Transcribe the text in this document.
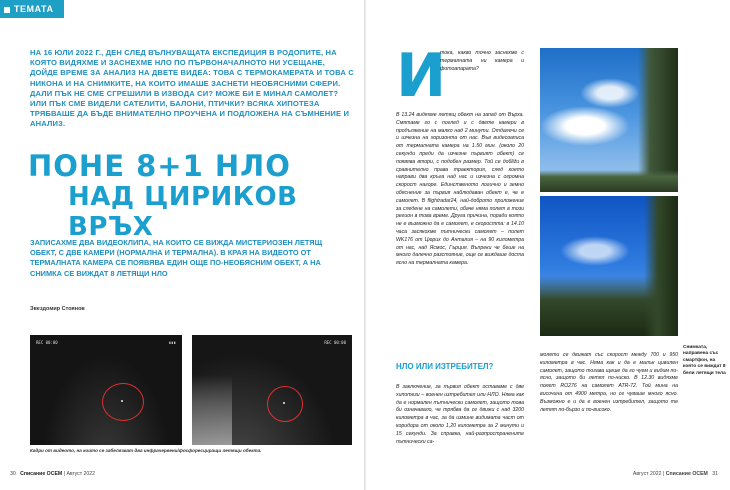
ТЕМАТА
НА 16 ЮЛИ 2022 Г., ДЕН СЛЕД ВЪЛНУВАЩАТА ЕКСПЕДИЦИЯ В РОДОПИТЕ, НА КОЯТО ВИДЯХМЕ И ЗАСНЕХМЕ НЛО ПО ПЪРВОНАЧАЛНОТО НИ УСЕЩАНЕ, ДОЙДЕ ВРЕМЕ ЗА АНАЛИЗ НА ДВЕТЕ ВИДЕА: ТОВА С ТЕРМОКАМЕРАТА И ТОВА С НИКОНА И НА СНИМКИТЕ, НА КОИТО ИМАШЕ ЗАСНЕТИ НЕОБЯСНИМИ СФЕРИ. ДАЛИ ПЪК НЕ СМЕ СГРЕШИЛИ В ИЗВОДА СИ? МОЖЕ БИ Е МИНАЛ САМОЛЕТ? ИЛИ ПЪК СМЕ ВИДЕЛИ САТЕЛИТИ, БАЛОНИ, ПТИЧКИ? ВСЯКА ХИПОТЕЗА ТРЯБВАШЕ ДА БЪДЕ ВНИМАТЕЛНО ПРОУЧЕНА И ПОДЛОЖЕНА НА СЪМНЕНИЕ И АНАЛИЗ.
ПОНЕ 8+1 НЛО
НАД ЦИРИКОВ ВРЪХ
ЗАПИСАХМЕ ДВА ВИДЕОКЛИПА, НА КОИТО СЕ ВИЖДА МИСТЕРИОЗЕН ЛЕТЯЩ ОБЕКТ, С ДВЕ КАМЕРИ (НОРМАЛНА И ТЕРМАЛНА). В КРАЯ НА ВИДЕОТО ОТ ТЕРМАЛНАТА КАМЕРА СЕ ПОЯВЯВА ЕДИН ОЩЕ ПО-НЕОБЯСНИМ ОБЕКТ, А НА СНИМКА СЕ ВИЖДАТ 8 ЛЕТЯЩИ НЛО
Звездомир Стоянов
REC 00:00	▮▮▮	REC 00:00
Кадри от видеото, на които се забелязват два инфрачервени/фосфоресциращи летящи обекта.
30 Списание ОСЕМ | Август 2022
И
тока, какво точно заснехме с термалната ни камера и фотоапарата?
В 13.24 видяхме летящ обект на запад от Върха. Смятаме го с поглед и с двете камери в продължение на малко над 2 минути. Отдалечи се и изчезна на хоризонта от нас. Във видеозаписа от термалната камера на 1.50 мин. (около 20 секунди преди да изчезне първият обект) се появява втори, с подобен размер. Той се добližи в сравнително права траектория, след което направи два кръга над нас и изчезна с огромна скорост нагоре. Единственото логично и земно обяснение за първия наблюдаван обект е, че е самолет. В flightradar24, най-доброто приложение за следене на самолети, обаче няма полет в този регион в това време. Друга причина, поради която не е възможно да е самолет, е скоростта: в 14.10 часа засякохме пътнически самолет – полет WK176 от Цюрих до Анталия – на 90 километра от нас, над Ясмос, Гърция. Въпреки че беше на много далечно разстояние, още се виждаше доста ясно на термалната камера.
НЛО ИЛИ ИЗТРЕБИТЕЛ?
В заключение, за първия обект оставаме с две хипотези – военен изтребител или НЛО. Няма как да е нормален пътнически самолет, защото това би означавало, че трябва да се движи с над 3200 километра в час, за да измине видимата част от коридора от около 1,20 километра за 2 минути и 15 секунди. За справка, най-разпространените пътнически са-
молети се движат със скорост между 700 и 950 километра в час. Няма как и да е малък цивилен самолет, защото тогава щеше да го чуем и видим по-ясно, защото би летял по-ниско. В 12.30 видяхме полет RO276 на самолет ATR-72. Той мина на височина от 4900 метра, но се чуваше много ясно. Възможно е и да е военен изтребител, защото те летят по-бързо и по-високо.
Снимката, направена със смартфон, на която се виждат 8 бели летящи тела
Август 2022 | Списание ОСЕМ 31
